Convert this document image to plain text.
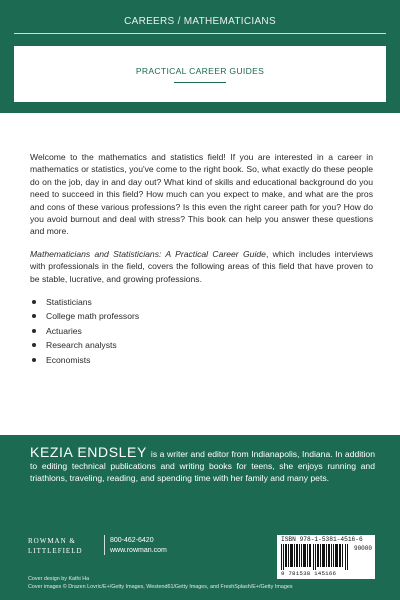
CAREERS / MATHEMATICIANS
PRACTICAL CAREER GUIDES

Welcome to the mathematics and statistics field! If you are interested in a career in mathematics or statistics, you've come to the right book. So, what exactly do these people do on the job, day in and day out? What kind of skills and educational background do you need to succeed in this field? How much can you expect to make, and what are the pros and cons of these various professions? Is this even the right career path for you? How do you avoid burnout and deal with stress? This book can help you answer these questions and more.

Mathematicians and Statisticians: A Practical Career Guide, which includes interviews with professionals in the field, covers the following areas of this field that have proven to be stable, lucrative, and growing professions.

Statisticians
College math professors
Actuaries
Research analysts
Economists
KEZIA ENDSLEY is a writer and editor from Indianapolis, Indiana. In addition to editing technical publications and writing books for teens, she enjoys running and triathlons, traveling, reading, and spending time with her family and many pets.
ROWMAN &
LITTLEFIELD
800-462-6420
www.rowman.com
ISBN 978-1-5381-4516-6
90000
9 781538 145166
Cover design by Kathi Ha
Cover images © Drazen Lovric/E+/Getty Images, Westend61/Getty Images, and FreshSplash/E+/Getty Images
